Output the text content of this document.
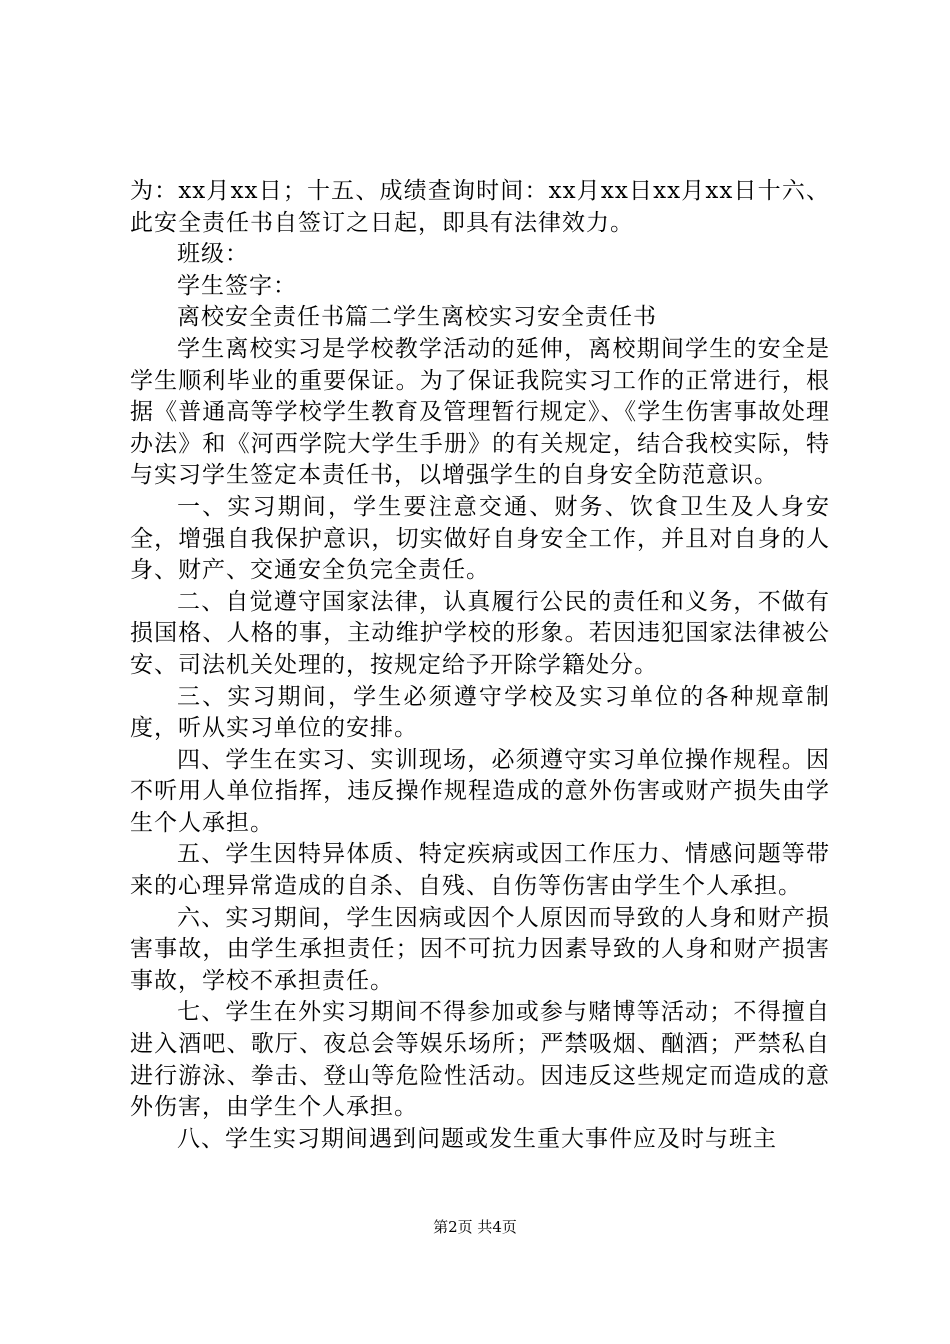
为：xx月xx日；十五、成绩查询时间：xx月xx日xx月xx日十六、此安全责任书自签订之日起，即具有法律效力。

班级：

学生签字：

离校安全责任书篇二学生离校实习安全责任书

学生离校实习是学校教学活动的延伸，离校期间学生的安全是学生顺利毕业的重要保证。为了保证我院实习工作的正常进行，根据《普通高等学校学生教育及管理暂行规定》、《学生伤害事故处理办法》和《河西学院大学生手册》的有关规定，结合我校实际，特与实习学生签定本责任书，以增强学生的自身安全防范意识。

一、实习期间，学生要注意交通、财务、饮食卫生及人身安全，增强自我保护意识，切实做好自身安全工作，并且对自身的人身、财产、交通安全负完全责任。

二、自觉遵守国家法律，认真履行公民的责任和义务，不做有损国格、人格的事，主动维护学校的形象。若因违犯国家法律被公安、司法机关处理的，按规定给予开除学籍处分。

三、实习期间，学生必须遵守学校及实习单位的各种规章制度，听从实习单位的安排。

四、学生在实习、实训现场，必须遵守实习单位操作规程。因不听用人单位指挥，违反操作规程造成的意外伤害或财产损失由学生个人承担。

五、学生因特异体质、特定疾病或因工作压力、情感问题等带来的心理异常造成的自杀、自残、自伤等伤害由学生个人承担。

六、实习期间，学生因病或因个人原因而导致的人身和财产损害事故，由学生承担责任；因不可抗力因素导致的人身和财产损害事故，学校不承担责任。

七、学生在外实习期间不得参加或参与赌博等活动；不得擅自进入酒吧、歌厅、夜总会等娱乐场所；严禁吸烟、酗酒；严禁私自进行游泳、拳击、登山等危险性活动。因违反这些规定而造成的意外伤害，由学生个人承担。

八、学生实习期间遇到问题或发生重大事件应及时与班主

第2页 共4页
